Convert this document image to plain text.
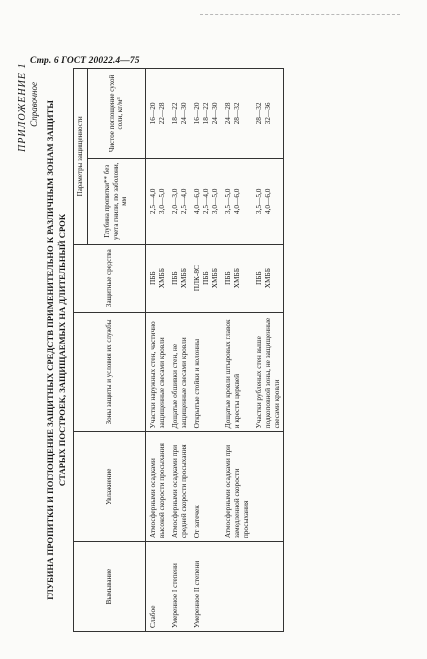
Стр. 6 ГОСТ 20022.4—75
ПРИЛОЖЕНИЕ 1 Справочное ГЛУБИНА ПРОПИТКИ И ПОГЛОЩЕНИЕ ЗАЩИТНЫХ СРЕДСТВ ПРИМЕНИТЕЛЬНО К РАЗЛИЧНЫМ ЗОНАМ ЗАЩИТЫ СТАРЫХ ПОСТРОЕК, ЗАЩИЩАЕМЫХ НА ДЛИТЕЛЬНЫЙ СРОК
Вымывание	Увлажнение	Зоны защиты и условия их службы	Защитные средства	Параметры защищенности	
				Глубина пропитки** без учета гнили, по заболони, мм	Чистое поглощение сухой соли, кг/м³
Слабое	Атмосферными осадками высокой скорости просыхания	Участки наружных стен, частично защищенные свесами кровли	ПББ ХМББ	2,5—4,0 3,0—5,0	16—20 22—28

Умеренное I степени	Атмосферными осадками при средней скорости просыхания	Дощатые обшивки стен, не защищенные свесами кровли	ПББ ХМББ	2,0—3,0 2,5—4,0	18—22 24—30

Умеренное II степени	От затечек	Открытые стойки и колонны	ПЛК-8С ПББ ХМББ	4,0—6,0 2,5—4,0 3,0—5,0	16—20 18—22 24—30

	Атмосферными осадками при замедленной скорости просыхания	Дощатые кровли штыровых главок и кресты церквей	ПББ ХМББ	3,5—5,0 4,0—6,0	24—28 28—32

		Участки рубленых стен выше подкоповной зоны, не защищенные свесами кровли	ПББ ХМББ	3,5—5,0 4,0—6,0	28—32 32—36
